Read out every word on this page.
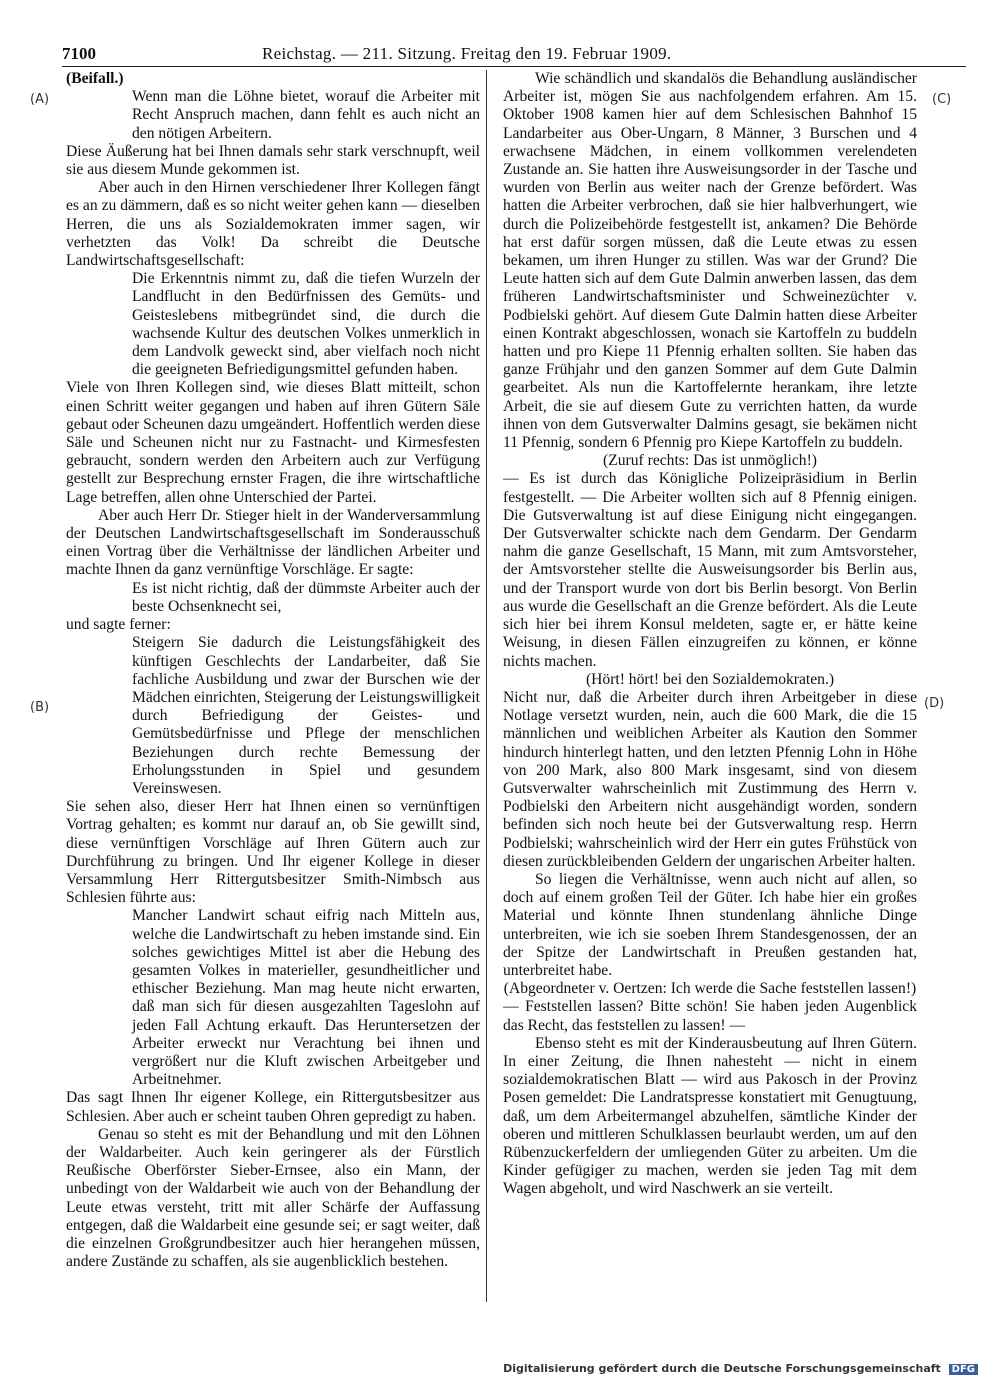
7100	Reichstag. — 211. Sitzung. Freitag den 19. Februar 1909.
(A)
(B)
(C)
(D)

(Beifall.)

Wenn man die Löhne bietet, worauf die Arbeiter mit Recht Anspruch machen, dann fehlt es auch nicht an den nötigen Arbeitern.

Diese Äußerung hat bei Ihnen damals sehr stark verschnupft, weil sie aus diesem Munde gekommen ist.

Aber auch in den Hirnen verschiedener Ihrer Kollegen fängt es an zu dämmern, daß es so nicht weiter gehen kann — dieselben Herren, die uns als Sozialdemokraten immer sagen, wir verhetzten das Volk! Da schreibt die Deutsche Landwirtschaftsgesellschaft:

Die Erkenntnis nimmt zu, daß die tiefen Wurzeln der Landflucht in den Bedürfnissen des Gemüts- und Geisteslebens mitbegründet sind, die durch die wachsende Kultur des deutschen Volkes unmerklich in dem Landvolk geweckt sind, aber vielfach noch nicht die geeigneten Befriedigungsmittel gefunden haben.

Viele von Ihren Kollegen sind, wie dieses Blatt mitteilt, schon einen Schritt weiter gegangen und haben auf ihren Gütern Säle gebaut oder Scheunen dazu umgeändert. Hoffentlich werden diese Säle und Scheunen nicht nur zu Fastnacht- und Kirmesfesten gebraucht, sondern werden den Arbeitern auch zur Verfügung gestellt zur Besprechung ernster Fragen, die ihre wirtschaftliche Lage betreffen, allen ohne Unterschied der Partei.

Aber auch Herr Dr. Stieger hielt in der Wanderversammlung der Deutschen Landwirtschaftsgesellschaft im Sonderausschuß einen Vortrag über die Verhältnisse der ländlichen Arbeiter und machte Ihnen da ganz vernünftige Vorschläge. Er sagte:

Es ist nicht richtig, daß der dümmste Arbeiter auch der beste Ochsenknecht sei,

und sagte ferner:

Steigern Sie dadurch die Leistungsfähigkeit des künftigen Geschlechts der Landarbeiter, daß Sie fachliche Ausbildung und zwar der Burschen wie der Mädchen einrichten, Steigerung der Leistungswilligkeit durch Befriedigung der Geistes- und Gemütsbedürfnisse und Pflege der menschlichen Beziehungen durch rechte Bemessung der Erholungsstunden in Spiel und gesundem Vereinswesen.

Sie sehen also, dieser Herr hat Ihnen einen so vernünftigen Vortrag gehalten; es kommt nur darauf an, ob Sie gewillt sind, diese vernünftigen Vorschläge auf Ihren Gütern auch zur Durchführung zu bringen. Und Ihr eigener Kollege in dieser Versammlung Herr Rittergutsbesitzer Smith-Nimbsch aus Schlesien führte aus:

Mancher Landwirt schaut eifrig nach Mitteln aus, welche die Landwirtschaft zu heben imstande sind. Ein solches gewichtiges Mittel ist aber die Hebung des gesamten Volkes in materieller, gesundheitlicher und ethischer Beziehung. Man mag heute nicht erwarten, daß man sich für diesen ausgezahlten Tageslohn auf jeden Fall Achtung erkauft. Das Heruntersetzen der Arbeiter erweckt nur Verachtung bei ihnen und vergrößert nur die Kluft zwischen Arbeitgeber und Arbeitnehmer.

Das sagt Ihnen Ihr eigener Kollege, ein Rittergutsbesitzer aus Schlesien. Aber auch er scheint tauben Ohren gepredigt zu haben.

Genau so steht es mit der Behandlung und mit den Löhnen der Waldarbeiter. Auch kein geringerer als der Fürstlich Reußische Oberförster Sieber-Ernsee, also ein Mann, der unbedingt von der Waldarbeit wie auch von der Behandlung der Leute etwas versteht, tritt mit aller Schärfe der Auffassung entgegen, daß die Waldarbeit eine gesunde sei; er sagt weiter, daß die einzelnen Großgrundbesitzer auch hier herangehen müssen, andere Zustände zu schaffen, als sie augenblicklich bestehen.

Wie schändlich und skandalös die Behandlung ausländischer Arbeiter ist, mögen Sie aus nachfolgendem erfahren. Am 15. Oktober 1908 kamen hier auf dem Schlesischen Bahnhof 15 Landarbeiter aus Ober-Ungarn, 8 Männer, 3 Burschen und 4 erwachsene Mädchen, in einem vollkommen verelendeten Zustande an. Sie hatten ihre Ausweisungsorder in der Tasche und wurden von Berlin aus weiter nach der Grenze befördert. Was hatten die Arbeiter verbrochen, daß sie hier halbverhungert, wie durch die Polizeibehörde festgestellt ist, ankamen? Die Behörde hat erst dafür sorgen müssen, daß die Leute etwas zu essen bekamen, um ihren Hunger zu stillen. Was war der Grund? Die Leute hatten sich auf dem Gute Dalmin anwerben lassen, das dem früheren Landwirtschaftsminister und Schweinezüchter v. Podbielski gehört. Auf diesem Gute Dalmin hatten diese Arbeiter einen Kontrakt abgeschlossen, wonach sie Kartoffeln zu buddeln hatten und pro Kiepe 11 Pfennig erhalten sollten. Sie haben das ganze Frühjahr und den ganzen Sommer auf dem Gute Dalmin gearbeitet. Als nun die Kartoffelernte herankam, ihre letzte Arbeit, die sie auf diesem Gute zu verrichten hatten, da wurde ihnen von dem Gutsverwalter Dalmins gesagt, sie bekämen nicht 11 Pfennig, sondern 6 Pfennig pro Kiepe Kartoffeln zu buddeln.

(Zuruf rechts: Das ist unmöglich!)

— Es ist durch das Königliche Polizeipräsidium in Berlin festgestellt. — Die Arbeiter wollten sich auf 8 Pfennig einigen. Die Gutsverwaltung ist auf diese Einigung nicht eingegangen. Der Gutsverwalter schickte nach dem Gendarm. Der Gendarm nahm die ganze Gesellschaft, 15 Mann, mit zum Amtsvorsteher, der Amtsvorsteher stellte die Ausweisungsorder bis Berlin aus, und der Transport wurde von dort bis Berlin besorgt. Von Berlin aus wurde die Gesellschaft an die Grenze befördert. Als die Leute sich hier bei ihrem Konsul meldeten, sagte er, er hätte keine Weisung, in diesen Fällen einzugreifen zu können, er könne nichts machen.

(Hört! hört! bei den Sozialdemokraten.)

Nicht nur, daß die Arbeiter durch ihren Arbeitgeber in diese Notlage versetzt wurden, nein, auch die 600 Mark, die die 15 männlichen und weiblichen Arbeiter als Kaution den Sommer hindurch hinterlegt hatten, und den letzten Pfennig Lohn in Höhe von 200 Mark, also 800 Mark insgesamt, sind von diesem Gutsverwalter wahrscheinlich mit Zustimmung des Herrn v. Podbielski den Arbeitern nicht ausgehändigt worden, sondern befinden sich noch heute bei der Gutsverwaltung resp. Herrn Podbielski; wahrscheinlich wird der Herr ein gutes Frühstück von diesen zurückbleibenden Geldern der ungarischen Arbeiter halten.

So liegen die Verhältnisse, wenn auch nicht auf allen, so doch auf einem großen Teil der Güter. Ich habe hier ein großes Material und könnte Ihnen stundenlang ähnliche Dinge unterbreiten, wie ich sie soeben Ihrem Standesgenossen, der an der Spitze der Landwirtschaft in Preußen gestanden hat, unterbreitet habe.

(Abgeordneter v. Oertzen: Ich werde die Sache feststellen lassen!)

— Feststellen lassen? Bitte schön! Sie haben jeden Augenblick das Recht, das feststellen zu lassen! —

Ebenso steht es mit der Kinderausbeutung auf Ihren Gütern. In einer Zeitung, die Ihnen nahesteht — nicht in einem sozialdemokratischen Blatt — wird aus Pakosch in der Provinz Posen gemeldet: Die Landratspresse konstatiert mit Genugtuung, daß, um dem Arbeitermangel abzuhelfen, sämtliche Kinder der oberen und mittleren Schulklassen beurlaubt werden, um auf den Rübenzuckerfeldern der umliegenden Güter zu arbeiten. Um die Kinder gefügiger zu machen, werden sie jeden Tag mit dem Wagen abgeholt, und wird Naschwerk an sie verteilt.

Digitalisierung gefördert durch die Deutsche Forschungsgemeinschaft DFG
